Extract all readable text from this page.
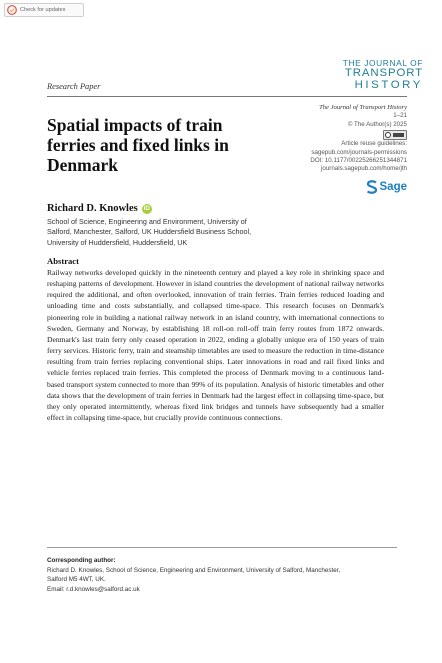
Check for updates
THE JOURNAL OF
TRANSPORT
HISTORY
Research Paper
Spatial impacts of train ferries and fixed links in Denmark
The Journal of Transport History
1–21
© The Author(s) 2025
Article reuse guidelines:
sagepub.com/journals-permissions
DOI: 10.1177/00225266251344871
journals.sagepub.com/home/jth
Sage
Richard D. Knowles iD
School of Science, Engineering and Environment, University of
Salford, Manchester, Salford, UK Huddersfield Business School,
University of Huddersfield, Huddersfield, UK
Abstract
Railway networks developed quickly in the nineteenth century and played a key role in shrinking space and reshaping patterns of development. However in island countries the development of national railway networks required the additional, and often overlooked, innovation of train ferries. Train ferries reduced loading and unloading time and costs substantially, and collapsed time-space. This research focuses on Denmark's pioneering role in building a national railway network in an island country, with international connections to Sweden, Germany and Norway, by establishing 18 roll-on roll-off train ferry routes from 1872 onwards. Denmark's last train ferry only ceased operation in 2022, ending a globally unique era of 150 years of train ferry services. Historic ferry, train and steamship timetables are used to measure the reduction in time-distance resulting from train ferries replacing conventional ships. Later innovations in road and rail fixed links and vehicle ferries replaced train ferries. This completed the process of Denmark moving to a continuous land-based transport system connected to more than 99% of its population. Analysis of historic timetables and other data shows that the development of train ferries in Denmark had the largest effect in collapsing time-space, but they only operated intermittently, whereas fixed link bridges and tunnels have subsequently had a smaller effect in collapsing time-space, but crucially provide continuous connections.
Corresponding author:
Richard D. Knowles, School of Science, Engineering and Environment, University of Salford, Manchester,
Salford M5 4WT, UK.
Email: r.d.knowles@salford.ac.uk
